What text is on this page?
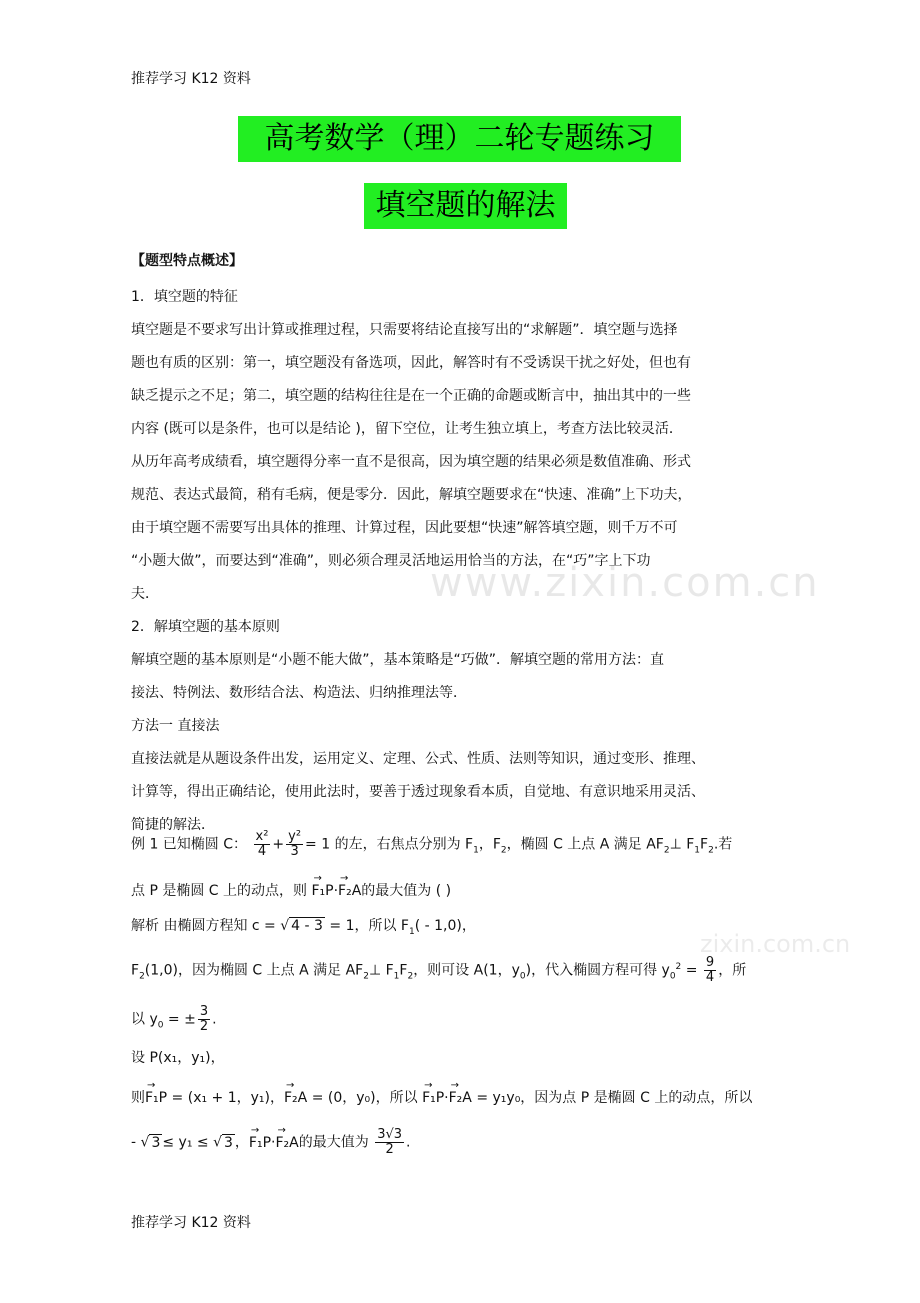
推荐学习 K12 资料
高考数学（理）二轮专题练习
填空题的解法
www.zixin.com.cn
zixin.com.cn
【题型特点概述】
1．填空题的特征
填空题是不要求写出计算或推理过程，只需要将结论直接写出的“求解题”．填空题与选择
题也有质的区别：第一，填空题没有备选项，因此，解答时有不受诱误干扰之好处，但也有
缺乏提示之不足；第二，填空题的结构往往是在一个正确的命题或断言中，抽出其中的一些
内容 (既可以是条件，也可以是结论 )，留下空位，让考生独立填上，考查方法比较灵活．
从历年高考成绩看，填空题得分率一直不是很高，因为填空题的结果必须是数值准确、形式
规范、表达式最简，稍有毛病，便是零分．因此，解填空题要求在“快速、准确”上下功夫，
由于填空题不需要写出具体的推理、计算过程，因此要想“快速”解答填空题，则千万不可
“小题大做”，而要达到“准确”，则必须合理灵活地运用恰当的方法，在“巧”字上下功
夫．
2．解填空题的基本原则
解填空题的基本原则是“小题不能大做”，基本策略是“巧做”．解填空题的常用方法：直
接法、特例法、数形结合法、构造法、归纳推理法等．
方法一 直接法
直接法就是从题设条件出发，运用定义、定理、公式、性质、法则等知识，通过变形、推理、
计算等，得出正确结论，使用此法时，要善于透过现象看本质，自觉地、有意识地采用灵活、
简捷的解法．
例 1 已知椭圆 C： $\frac{\text{x²}}{4} + \frac{\text{y²}}{3} = 1$ 的左，右焦点分别为 $F_1$，$F_2$，椭圆 C 上点 A 满足 $AF_2\perp$ $F_1F_2$.若
点 P 是椭圆 C 上的动点，则 → F₁P·→ F₂A的最大值为 ( )
解析 由椭圆方程知 c = √ 4 - 3 = 1，所以 $F_1( - 1,0)$，
$F_2(1,0)$，因为椭圆 C 上点 A 满足 $AF_2\perp$ $F_1F_2$，则可设 A(1，$y_0$)，代入椭圆方程可得 $y_0^2 = \frac{9}{4}$ ，所
以 $y_0$ = ± $\frac{3}{2}$ .
设 P(x₁，y₁)，
则→ F₁P = (x₁ + 1，y₁)，→ F₂A = (0，y₀)，所以 → F₁P·→ F₂A = y₁y₀，因为点 P 是椭圆 C 上的动点，所以
- √ 3 ≤ y₁ ≤ √ 3 ，→ F₁P·→ F₂A的最大值为 $\frac{3√3}{2}$ .
推荐学习 K12 资料
